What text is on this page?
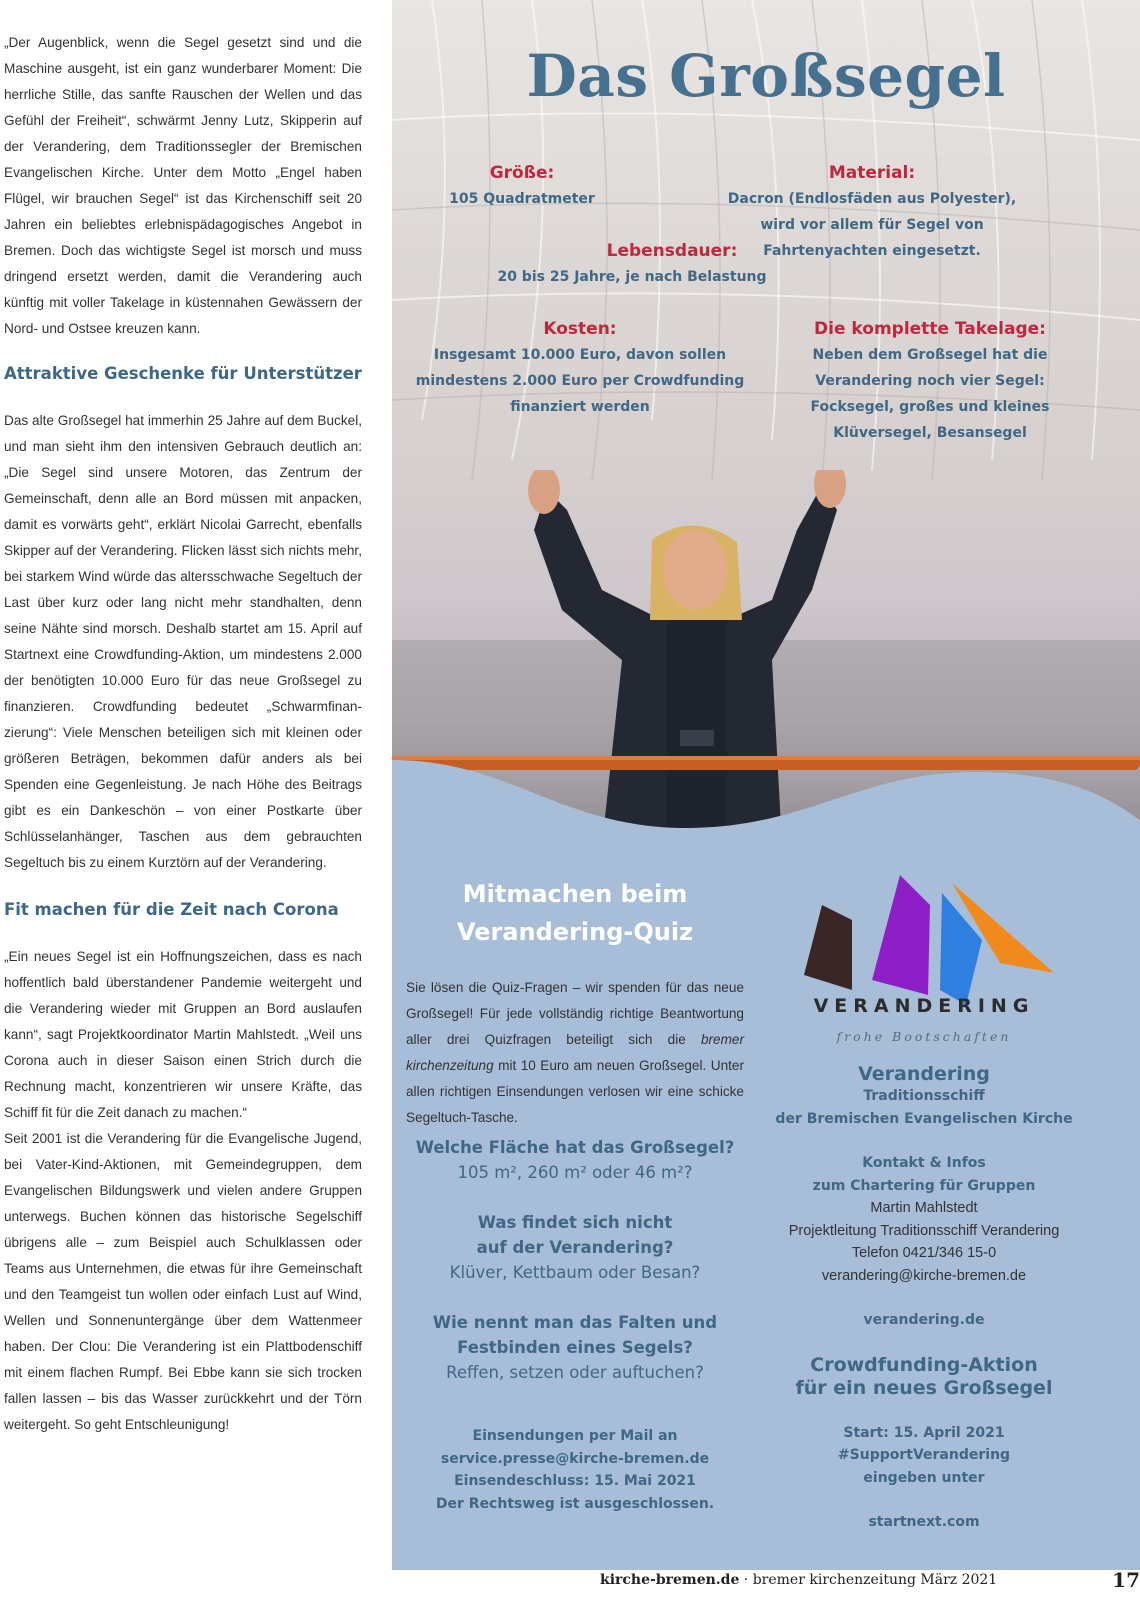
„Der Augenblick, wenn die Segel gesetzt sind und die Maschine ausgeht, ist ein ganz wunderbarer Moment: Die herrliche Stille, das sanfte Rauschen der Wellen und das Gefühl der Freiheit“, schwärmt Jenny Lutz, Skipperin auf der Verandering, dem Traditionssegler der Bremischen Evangelischen Kirche. Unter dem Motto „Engel haben Flügel, wir brauchen Segel“ ist das Kirchenschiff seit 20 Jahren ein beliebtes erlebnispädagogisches Angebot in Bremen. Doch das wichtigste Segel ist morsch und muss dringend ersetzt werden, damit die Verandering auch künftig mit voller Takelage in küstennahen Gewässern der Nord- und Ostsee kreuzen kann.

Attraktive Geschenke für Unterstützer

Das alte Großsegel hat immerhin 25 Jahre auf dem Buckel, und man sieht ihm den intensiven Gebrauch deutlich an: „Die Segel sind unsere Motoren, das Zentrum der Gemeinschaft, denn alle an Bord müssen mit anpacken, damit es vorwärts geht“, erklärt Nicolai Garrecht, ebenfalls Skipper auf der Verandering. Flicken lässt sich nichts mehr, bei starkem Wind würde das altersschwache Segeltuch der Last über kurz oder lang nicht mehr standhalten, denn seine Nähte sind morsch. Deshalb startet am 15. April auf Startnext eine Crowdfunding-Aktion, um mindestens 2.000 der benötigten 10.000 Euro für das neue Großsegel zu finanzieren. Crowdfunding bedeutet „Schwarmfinanzierung“: Viele Menschen beteiligen sich mit kleinen oder größeren Beträgen, bekommen dafür anders als bei Spenden eine Gegenleistung. Je nach Höhe des Beitrags gibt es ein Dankeschön – von einer Postkarte über Schlüsselanhänger, Taschen aus dem gebrauchten Segeltuch bis zu einem Kurztörn auf der Verandering.

Fit machen für die Zeit nach Corona

„Ein neues Segel ist ein Hoffnungszeichen, dass es nach hoffentlich bald überstandener Pandemie weitergeht und die Verandering wieder mit Gruppen an Bord auslaufen kann“, sagt Projektkoordinator Martin Mahlstedt. „Weil uns Corona auch in dieser Saison einen Strich durch die Rechnung macht, konzentrieren wir unsere Kräfte, das Schiff fit für die Zeit danach zu machen.“

Seit 2001 ist die Verandering für die Evangelische Jugend, bei Vater-Kind-Aktionen, mit Gemeindegruppen, dem Evangelischen Bildungswerk und vielen andere Gruppen unterwegs. Buchen können das historische Segelschiff übrigens alle – zum Beispiel auch Schulklassen oder Teams aus Unternehmen, die etwas für ihre Gemeinschaft und den Teamgeist tun wollen oder einfach Lust auf Wind, Wellen und Sonnenuntergänge über dem Wattenmeer haben. Der Clou: Die Verandering ist ein Plattbodenschiff mit einem flachen Rumpf. Bei Ebbe kann sie sich trocken fallen lassen – bis das Wasser zurückkehrt und der Törn weitergeht. So geht Entschleunigung!

Das Großsegel
Größe:
105 Quadratmeter
Material:
Dacron (Endlosfäden aus Polyester),
wird vor allem für Segel von
Fahrtenyachten eingesetzt.
Lebensdauer:
20 bis 25 Jahre, je nach Belastung
Kosten:
Insgesamt 10.000 Euro, davon sollen
mindestens 2.000 Euro per Crowdfunding
finanziert werden
Die komplette Takelage:
Neben dem Großsegel hat die
Verandering noch vier Segel:
Focksegel, großes und kleines
Klüversegel, Besansegel
Mitmachen beim
Verandering-Quiz
Sie lösen die Quiz-Fragen – wir spenden für das neue Großsegel! Für jede vollständig richtige Beantwortung aller drei Quizfragen beteiligt sich die bremer kirchenzeitung mit 10 Euro am neuen Großsegel. Unter allen richtigen Einsendungen verlosen wir eine schicke Segeltuch-Tasche.
Welche Fläche hat das Großsegel?
105 m², 260 m² oder 46 m²?
Was findet sich nicht
auf der Verandering?
Klüver, Kettbaum oder Besan?
Wie nennt man das Falten und
Festbinden eines Segels?
Reffen, setzen oder auftuchen?
Einsendungen per Mail an
service.presse@kirche-bremen.de
Einsendeschluss: 15. Mai 2021
Der Rechtsweg ist ausgeschlossen.
VERANDERING
frohe Bootschaften
Verandering
Traditionsschiff
der Bremischen Evangelischen Kirche
Kontakt & Infos
zum Chartering für Gruppen
Martin Mahlstedt
Projektleitung Traditionsschiff Verandering
Telefon 0421/346 15-0
verandering@kirche-bremen.de
verandering.de
Crowdfunding-Aktion
für ein neues Großsegel
Start: 15. April 2021
#SupportVerandering
eingeben unter
startnext.com
kirche-bremen.de · bremer kirchenzeitung März 2021	17
